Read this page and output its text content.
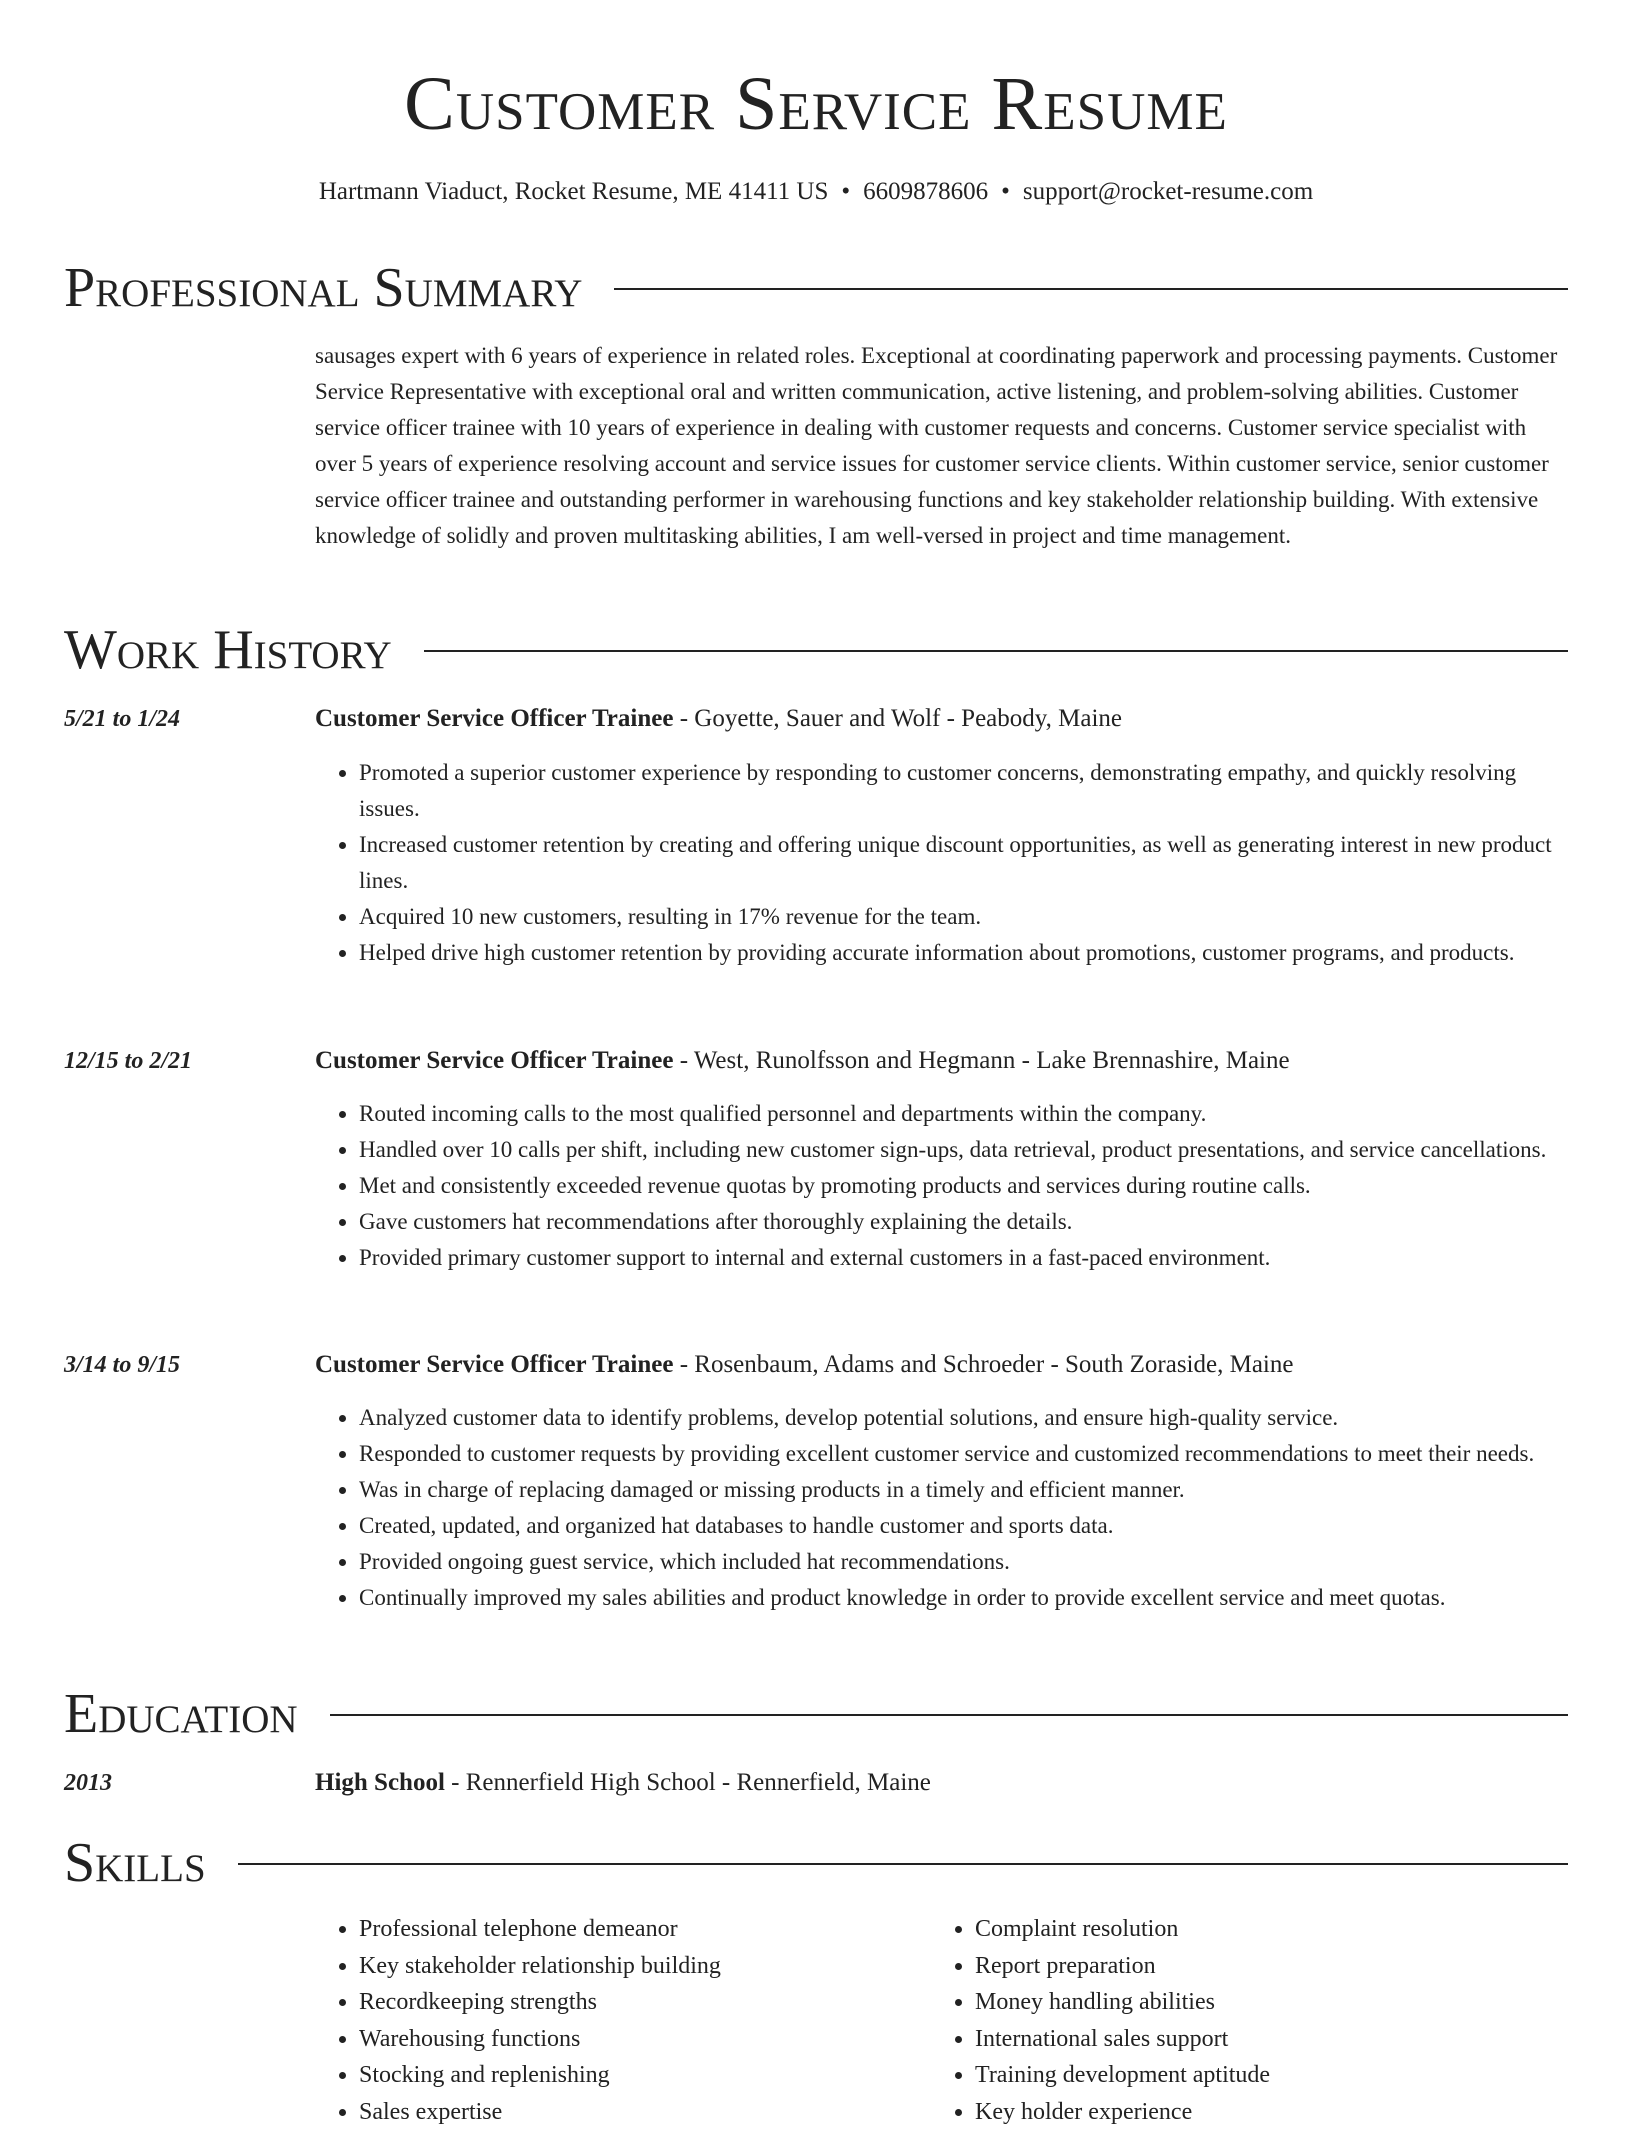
Customer Service Resume
Hartmann Viaduct, Rocket Resume, ME 41411 US • 6609878606 • support@rocket-resume.com
Professional Summary
sausages expert with 6 years of experience in related roles. Exceptional at coordinating paperwork and processing payments. Customer Service Representative with exceptional oral and written communication, active listening, and problem-solving abilities. Customer service officer trainee with 10 years of experience in dealing with customer requests and concerns. Customer service specialist with over 5 years of experience resolving account and service issues for customer service clients. Within customer service, senior customer service officer trainee and outstanding performer in warehousing functions and key stakeholder relationship building. With extensive knowledge of solidly and proven multitasking abilities, I am well-versed in project and time management.
Work History
5/21 to 1/24	Customer Service Officer Trainee - Goyette, Sauer and Wolf - Peabody, Maine
• Promoted a superior customer experience by responding to customer concerns, demonstrating empathy, and quickly resolving issues.
• Increased customer retention by creating and offering unique discount opportunities, as well as generating interest in new product lines.
• Acquired 10 new customers, resulting in 17% revenue for the team.
• Helped drive high customer retention by providing accurate information about promotions, customer programs, and products.
12/15 to 2/21	Customer Service Officer Trainee - West, Runolfsson and Hegmann - Lake Brennashire, Maine
• Routed incoming calls to the most qualified personnel and departments within the company.
• Handled over 10 calls per shift, including new customer sign-ups, data retrieval, product presentations, and service cancellations.
• Met and consistently exceeded revenue quotas by promoting products and services during routine calls.
• Gave customers hat recommendations after thoroughly explaining the details.
• Provided primary customer support to internal and external customers in a fast-paced environment.
3/14 to 9/15	Customer Service Officer Trainee - Rosenbaum, Adams and Schroeder - South Zoraside, Maine
• Analyzed customer data to identify problems, develop potential solutions, and ensure high-quality service.
• Responded to customer requests by providing excellent customer service and customized recommendations to meet their needs.
• Was in charge of replacing damaged or missing products in a timely and efficient manner.
• Created, updated, and organized hat databases to handle customer and sports data.
• Provided ongoing guest service, which included hat recommendations.
• Continually improved my sales abilities and product knowledge in order to provide excellent service and meet quotas.
Education
2013	High School - Rennerfield High School - Rennerfield, Maine
Skills
• Professional telephone demeanor
• Key stakeholder relationship building
• Recordkeeping strengths
• Warehousing functions
• Stocking and replenishing
• Sales expertise
• Complaint resolution
• Report preparation
• Money handling abilities
• International sales support
• Training development aptitude
• Key holder experience
